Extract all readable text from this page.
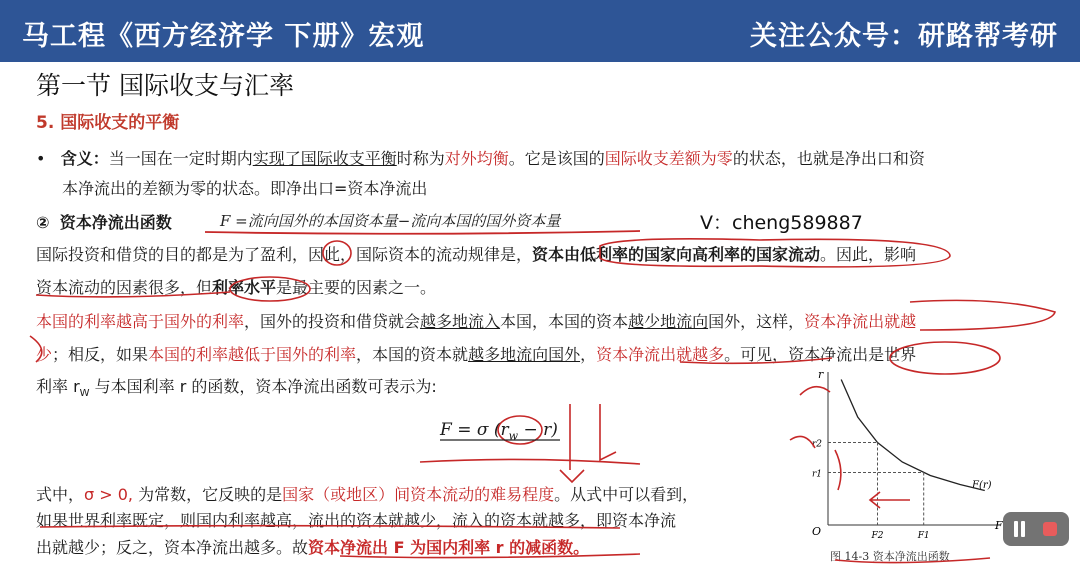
马工程《西方经济学 下册》宏观	关注公众号：研路帮考研
第一节 国际收支与汇率
5. 国际收支的平衡
•   含义：当一国在一定时期内实现了国际收支平衡时称为对外均衡。它是该国的国际收支差额为零的状态，也就是净出口和资
本净流出的差额为零的状态。即净出口=资本净流出
② 资本净流出函数	F =流向国外的本国资本量−流向本国的国外资本量	V：cheng589887
国际投资和借贷的目的都是为了盈利，因此，国际资本的流动规律是，资本由低利率的国家向高利率的国家流动。因此，影响
资本流动的因素很多，但利率水平是最主要的因素之一。
本国的利率越高于国外的利率，国外的投资和借贷就会越多地流入本国，本国的资本越少地流向国外，这样，资本净流出就越
少；相反，如果本国的利率越低于国外的利率，本国的资本就越多地流向国外，资本净流出就越多。可见，资本净流出是世界
利率 $r_W$ 与本国利率 r 的函数，资本净流出函数可表示为:
F = σ $(r_w - r)$
式中，σ > 0, 为常数，它反映的是国家（或地区）间资本流动的难易程度。从式中可以看到，
如果世界利率既定，则国内利率越高，流出的资本就越少，流入的资本就越多，即资本净流
出就越少；反之，资本净流出越多。故资本净流出 F 为国内利率 r 的减函数。
r
O
F(r)
r2
F2
r1
F1
F
图 14-3 资本净流出函数
